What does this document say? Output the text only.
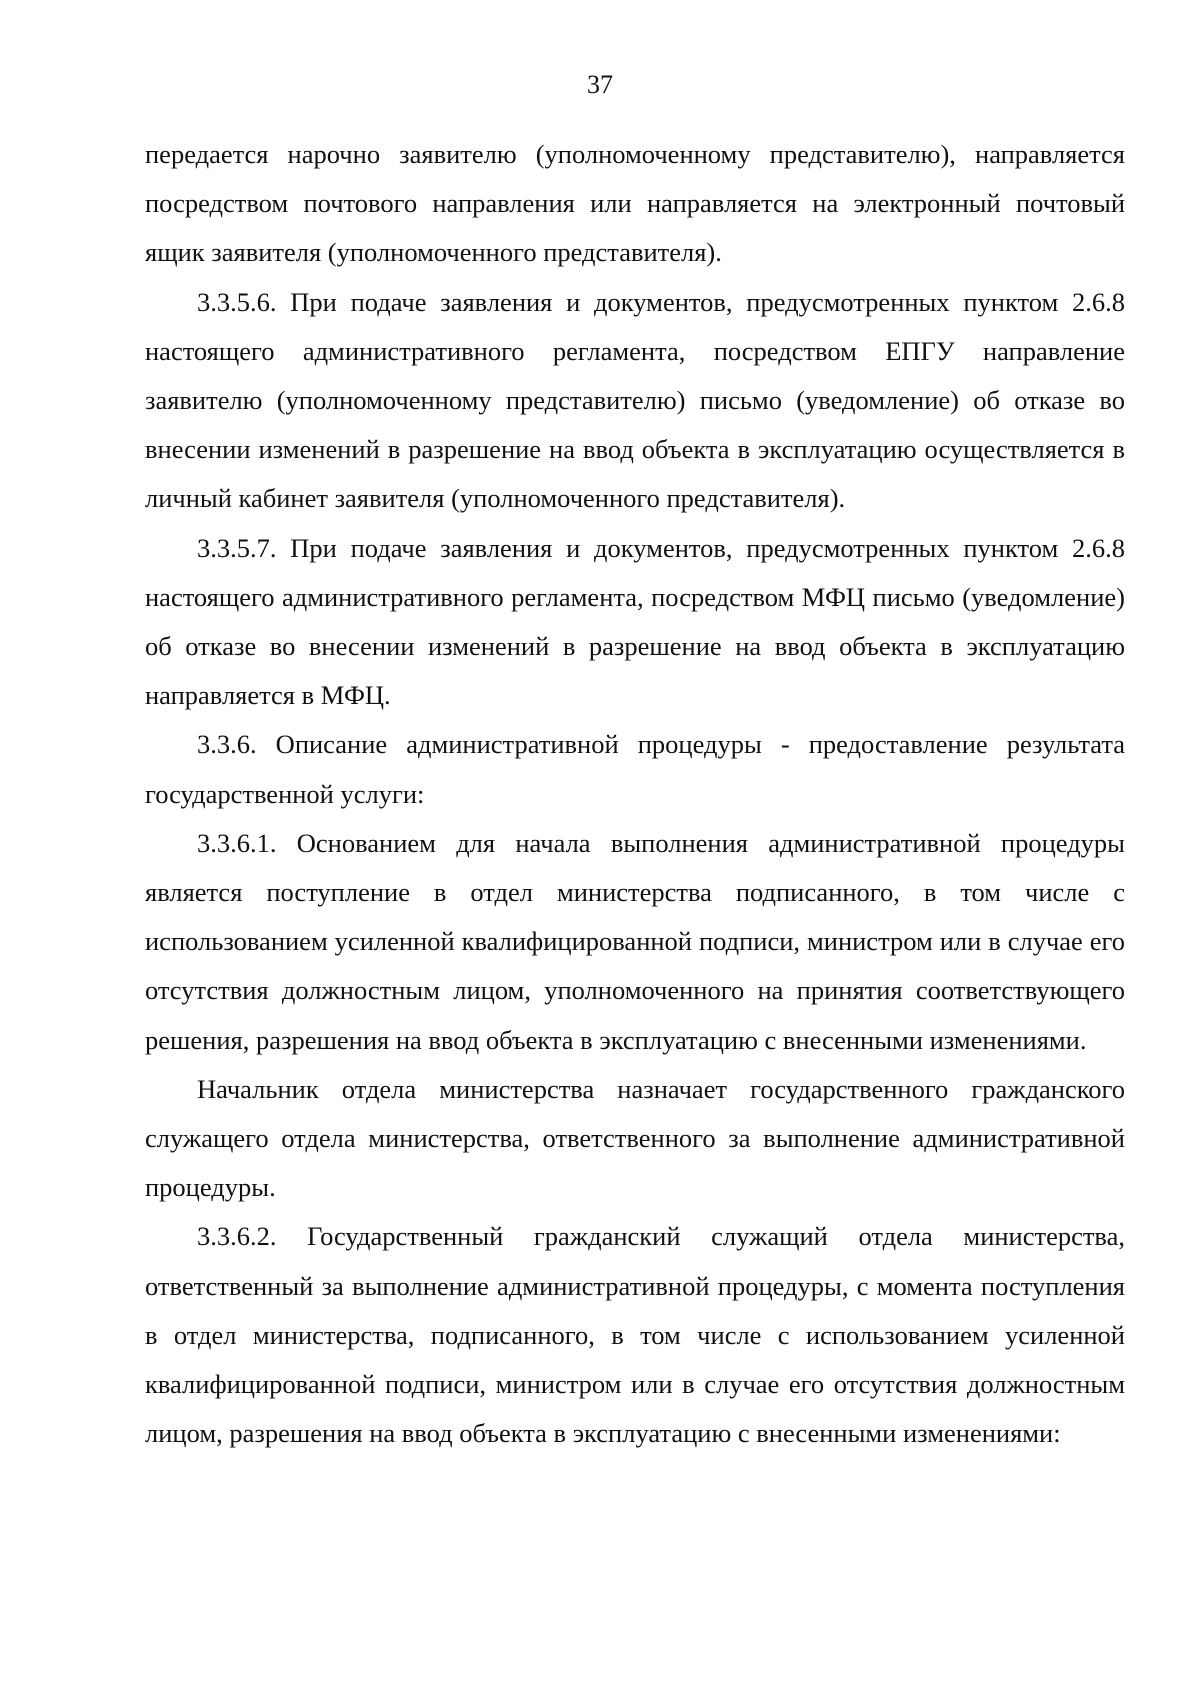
37

передается нарочно заявителю (уполномоченному представителю), направляется посредством почтового направления или направляется на электронный почтовый ящик заявителя (уполномоченного представителя).

3.3.5.6. При подаче заявления и документов, предусмотренных пунктом 2.6.8 настоящего административного регламента, посредством ЕПГУ направление заявителю (уполномоченному представителю) письмо (уведомление) об отказе во внесении изменений в разрешение на ввод объекта в эксплуатацию осуществляется в личный кабинет заявителя (уполномоченного представителя).

3.3.5.7. При подаче заявления и документов, предусмотренных пунктом 2.6.8 настоящего административного регламента, посредством МФЦ письмо (уведомление) об отказе во внесении изменений в разрешение на ввод объекта в эксплуатацию направляется в МФЦ.

3.3.6. Описание административной процедуры - предоставление результата государственной услуги:

3.3.6.1. Основанием для начала выполнения административной процедуры является поступление в отдел министерства подписанного, в том числе с использованием усиленной квалифицированной подписи, министром или в случае его отсутствия должностным лицом, уполномоченного на принятия соответствующего решения, разрешения на ввод объекта в эксплуатацию с внесенными изменениями.

Начальник отдела министерства назначает государственного гражданского служащего отдела министерства, ответственного за выполнение административной процедуры.

3.3.6.2. Государственный гражданский служащий отдела министерства, ответственный за выполнение административной процедуры, с момента поступления в отдел министерства, подписанного, в том числе с использованием усиленной квалифицированной подписи, министром или в случае его отсутствия должностным лицом, разрешения на ввод объекта в эксплуатацию с внесенными изменениями:
